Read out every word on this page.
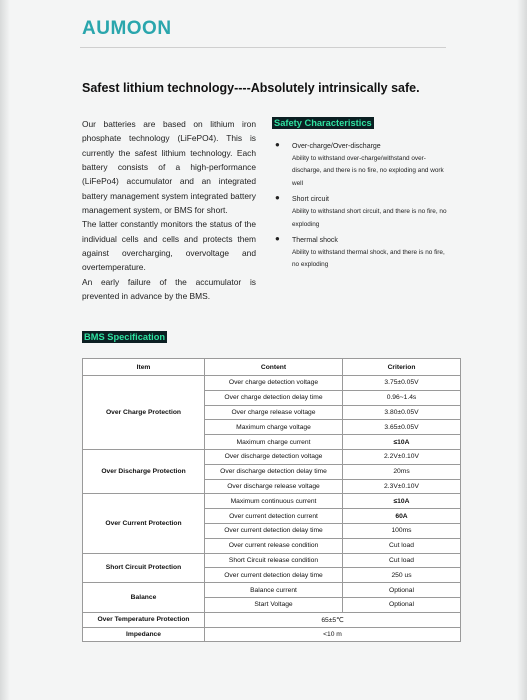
AUMOON
Safest lithium technology----Absolutely intrinsically safe.

Our batteries are based on lithium iron phosphate technology (LiFePO4). This is currently the safest lithium technology. Each battery consists of a high-performance (LiFePo4) accumulator and an integrated battery management system integrated battery management system, or BMS for short.

The latter constantly monitors the status of the individual cells and cells and protects them against overcharging, overvoltage and overtemperature.

An early failure of the accumulator is prevented in advance by the BMS.

Safety Characteristics
● Over-charge/Over-discharge
Ability to withstand over-charge/withstand over- discharge, and there is no fire, no exploding and work well
● Short circuit
Ability to withstand short circuit, and there is no fire, no exploding
● Thermal shock
Ability to withstand thermal shock, and there is no fire, no exploding
BMS Specification
Item	Content	Criterion
Over Charge Protection	Over charge detection voltage	3.75±0.05V
	Over charge detection delay time	0.96~1.4s
	Over charge release voltage	3.80±0.05V
	Maximum charge voltage	3.65±0.05V
	Maximum charge current	≤10A
Over Discharge Protection	Over discharge detection voltage	2.2V±0.10V
	Over discharge detection delay time	20ms
	Over discharge release voltage	2.3V±0.10V
Over Current Protection	Maximum continuous current	≤10A
	Over current detection current	60A
	Over current detection delay time	100ms
	Over current release condition	Cut load
Short Circuit Protection	Short Circuit release condition	Cut load
	Over current detection delay time	250 us
Balance	Balance current	Optional
	Start Voltage	Optional
Over Temperature Protection	65±5℃	
Impedance	<10 m	
